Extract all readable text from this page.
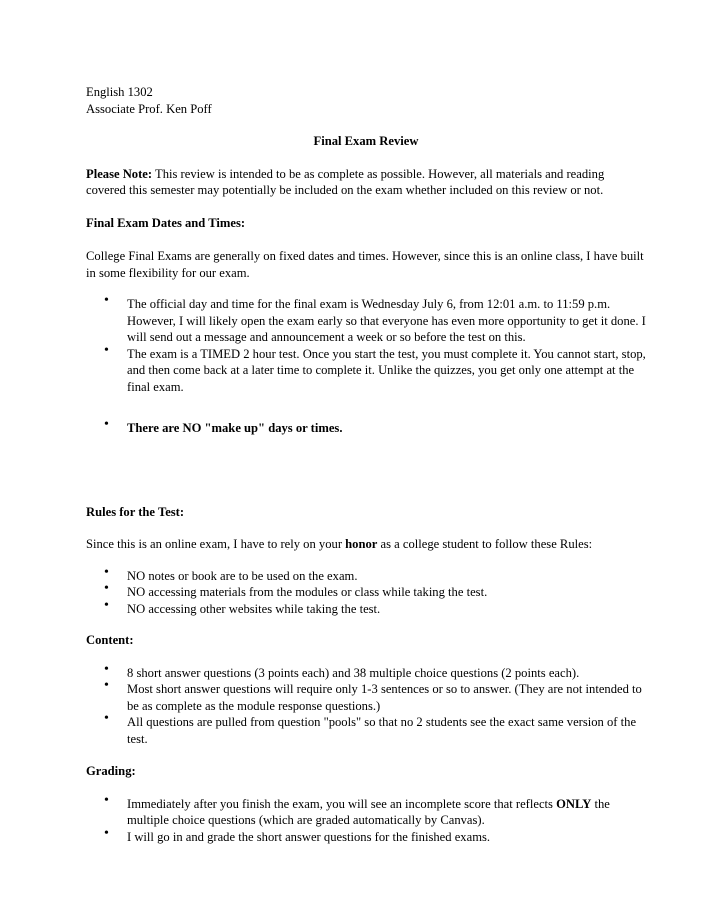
English 1302
Associate Prof. Ken Poff
Final Exam Review

Please Note: This review is intended to be as complete as possible. However, all materials and reading covered this semester may potentially be included on the exam whether included on this review or not.

Final Exam Dates and Times:

College Final Exams are generally on fixed dates and times. However, since this is an online class, I have built in some flexibility for our exam.

• The official day and time for the final exam is Wednesday July 6, from 12:01 a.m. to 11:59 p.m. However, I will likely open the exam early so that everyone has even more opportunity to get it done. I will send out a message and announcement a week or so before the test on this.
• The exam is a TIMED 2 hour test. Once you start the test, you must complete it. You cannot start, stop, and then come back at a later time to complete it. Unlike the quizzes, you get only one attempt at the final exam.
• There are NO "make up" days or times.
Rules for the Test:

Since this is an online exam, I have to rely on your honor as a college student to follow these Rules:

• NO notes or book are to be used on the exam.
• NO accessing materials from the modules or class while taking the test.
• NO accessing other websites while taking the test.
Content:
• 8 short answer questions (3 points each) and 38 multiple choice questions (2 points each).
• Most short answer questions will require only 1-3 sentences or so to answer. (They are not intended to be as complete as the module response questions.)
• All questions are pulled from question "pools" so that no 2 students see the exact same version of the test.
Grading:
• Immediately after you finish the exam, you will see an incomplete score that reflects ONLY the multiple choice questions (which are graded automatically by Canvas).
• I will go in and grade the short answer questions for the finished exams.
